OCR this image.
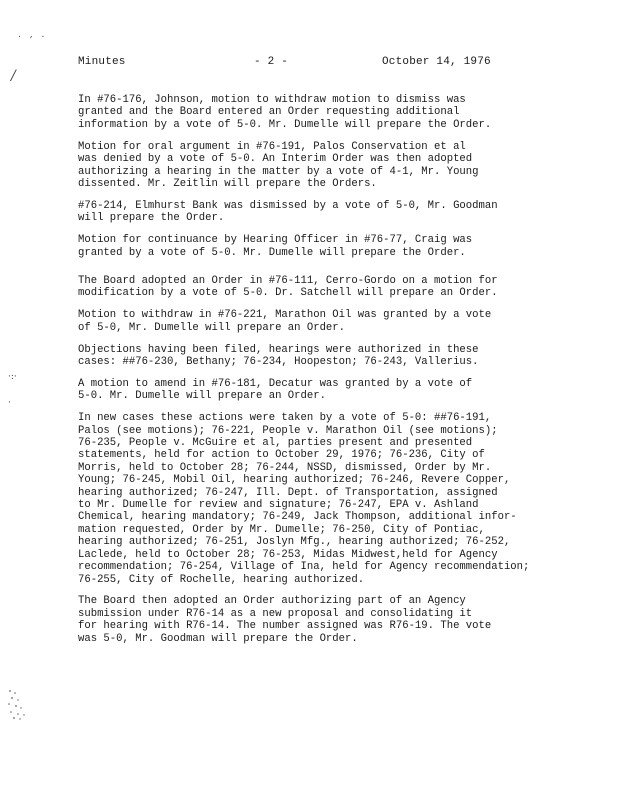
. , .
/
·:·
·
Minutes	- 2 -	October 14, 1976

In #76-176, Johnson, motion to withdraw motion to dismiss was
granted and the Board entered an Order requesting additional
information by a vote of 5-0. Mr. Dumelle will prepare the Order.

Motion for oral argument in #76-191, Palos Conservation et al
was denied by a vote of 5-0. An Interim Order was then adopted
authorizing a hearing in the matter by a vote of 4-1, Mr. Young
dissented. Mr. Zeitlin will prepare the Orders.

#76-214, Elmhurst Bank was dismissed by a vote of 5-0, Mr. Goodman
will prepare the Order.

Motion for continuance by Hearing Officer in #76-77, Craig was
granted by a vote of 5-0. Mr. Dumelle will prepare the Order.

The Board adopted an Order in #76-111, Cerro-Gordo on a motion for
modification by a vote of 5-0. Dr. Satchell will prepare an Order.

Motion to withdraw in #76-221, Marathon Oil was granted by a vote
of 5-0, Mr. Dumelle will prepare an Order.

Objections having been filed, hearings were authorized in these
cases: ##76-230, Bethany; 76-234, Hoopeston; 76-243, Vallerius.

A motion to amend in #76-181, Decatur was granted by a vote of
5-0. Mr. Dumelle will prepare an Order.

In new cases these actions were taken by a vote of 5-0: ##76-191,
Palos (see motions); 76-221, People v. Marathon Oil (see motions);
76-235, People v. McGuire et al, parties present and presented
statements, held for action to October 29, 1976; 76-236, City of
Morris, held to October 28; 76-244, NSSD, dismissed, Order by Mr.
Young; 76-245, Mobil Oil, hearing authorized; 76-246, Revere Copper,
hearing authorized; 76-247, Ill. Dept. of Transportation, assigned
to Mr. Dumelle for review and signature; 76-247, EPA v. Ashland
Chemical, hearing mandatory; 76-249, Jack Thompson, additional infor-
mation requested, Order by Mr. Dumelle; 76-250, City of Pontiac,
hearing authorized; 76-251, Joslyn Mfg., hearing authorized; 76-252,
Laclede, held to October 28; 76-253, Midas Midwest,held for Agency
recommendation; 76-254, Village of Ina, held for Agency recommendation;
76-255, City of Rochelle, hearing authorized.

The Board then adopted an Order authorizing part of an Agency
submission under R76-14 as a new proposal and consolidating it
for hearing with R76-14. The number assigned was R76-19. The vote
was 5-0, Mr. Goodman will prepare the Order.
